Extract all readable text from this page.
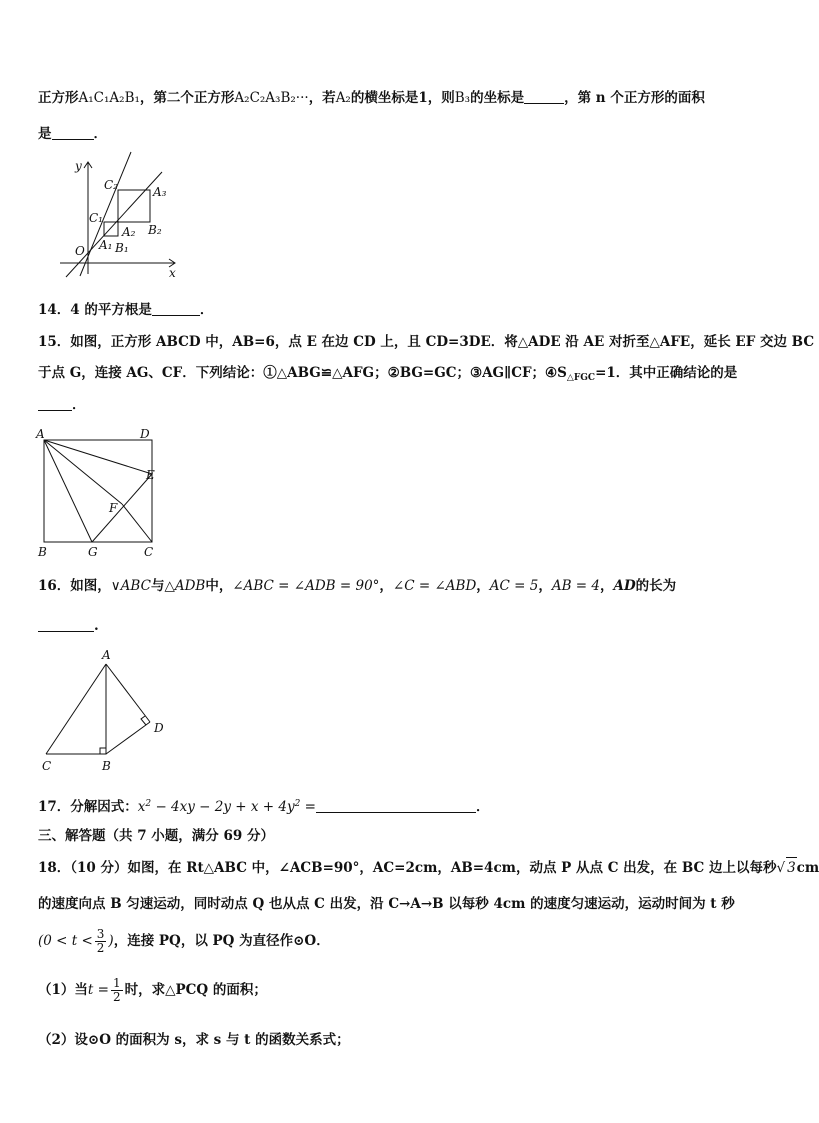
正方形A₁C₁A₂B₁，第二个正方形A₂C₂A₃B₂···，若A₂的横坐标是1，则B₃的坐标是	，第 n 个正方形的面积
是	．
y
x
O
C₁
C₂
A₁ B₁
A₂
A₃
B₂
14．4 的平方根是	．
15．如图，正方形 ABCD 中，AB=6，点 E 在边 CD 上，且 CD=3DE．将△ADE 沿 AE 对折至△AFE，延长 EF 交边 BC
于点 G，连接 AG、CF．下列结论：①△ABG≌△AFG；②BG=GC；③AG∥CF；$④S_{\triangle FGC}=1$．其中正确结论的是
．
A	D
E
F
B	G	C
16．如图，∨ABC与△ADB中，∠ABC = ∠ADB = 90°，∠C = ∠ABD，AC = 5，AB = 4，AD的长为
.
A
B
C
D
17．分解因式：$x^2 - 4xy - 2y + x + 4y^2$ =	．
三、解答题（共 7 小题，满分 69 分）
18．（10 分）如图，在 Rt△ABC 中，∠ACB=90°，AC=2cm，AB=4cm，动点 P 从点 C 出发，在 BC 边上以每秒√ 3cm
的速度向点 B 匀速运动，同时动点 Q 也从点 C 出发，沿 C→A→B 以每秒 4cm 的速度匀速运动，运动时间为 t 秒
($0 < t < \frac{3}{2}$ )，连接 PQ，以 PQ 为直径作⊙O．
（1）当$t = \frac{1}{2}$ 时，求△PCQ 的面积；
（2）设⊙O 的面积为 s，求 s 与 t 的函数关系式；
